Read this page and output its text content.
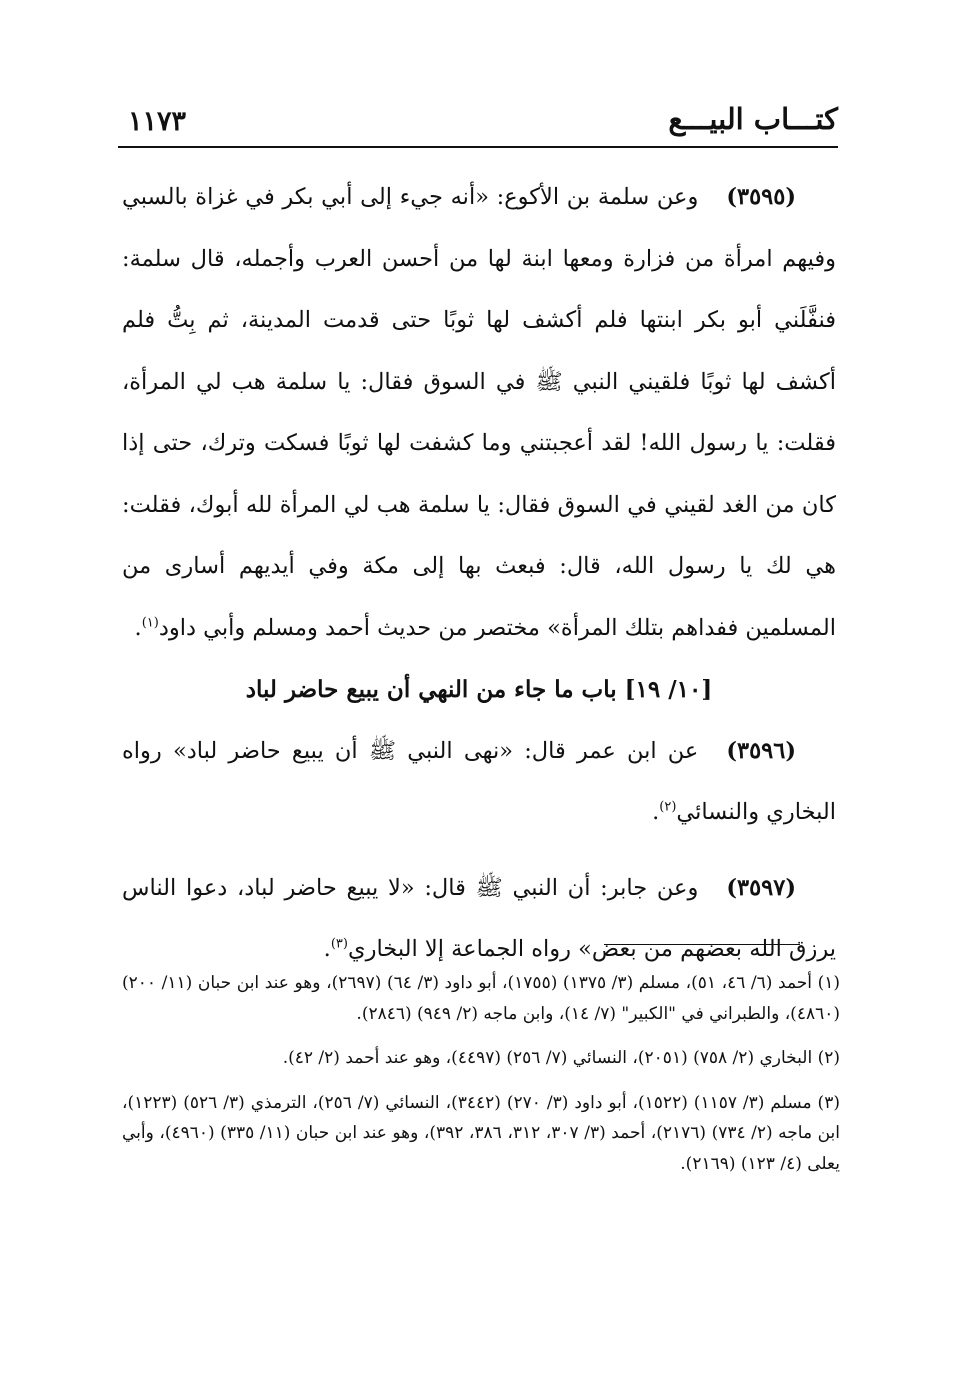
١١٧٣	كتـــاب البيـــع

(٣٥٩٥)وعن سلمة بن الأكوع: «أنه جيء إلى أبي بكر في غزاة بالسبي وفيهم امرأة من فزارة ومعها ابنة لها من أحسن العرب وأجمله، قال سلمة: فنفَّلَني أبو بكر ابنتها فلم أكشف لها ثوبًا حتى قدمت المدينة، ثم بِتُّ فلم أكشف لها ثوبًا فلقيني النبي ﷺ في السوق فقال: يا سلمة هب لي المرأة، فقلت: يا رسول الله! لقد أعجبتني وما كشفت لها ثوبًا فسكت وترك، حتى إذا كان من الغد لقيني في السوق فقال: يا سلمة هب لي المرأة لله أبوك، فقلت: هي لك يا رسول الله، قال: فبعث بها إلى مكة وفي أيديهم أسارى من المسلمين ففداهم بتلك المرأة» مختصر من حديث أحمد ومسلم وأبي داود$^{(١)}$.

[١٠/ ١٩] باب ما جاء من النهي أن يبيع حاضر لباد

(٣٥٩٦)عن ابن عمر قال: «نهى النبي ﷺ أن يبيع حاضر لباد» رواه البخاري والنسائي$^{(٢)}$.

(٣٥٩٧)وعن جابر: أن النبي ﷺ قال: «لا يبيع حاضر لباد، دعوا الناس يرزق الله بعضهم من بعض» رواه الجماعة إلا البخاري$^{(٣)}$.

(١) أحمد (٦/ ٤٦، ٥١)، مسلم (٣/ ١٣٧٥) (١٧٥٥)، أبو داود (٣/ ٦٤) (٢٦٩٧)، وهو عند ابن حبان (١١/ ٢٠٠) (٤٨٦٠)، والطبراني في "الكبير" (٧/ ١٤)، وابن ماجه (٢/ ٩٤٩) (٢٨٤٦).

(٢) البخاري (٢/ ٧٥٨) (٢٠٥١)، النسائي (٧/ ٢٥٦) (٤٤٩٧)، وهو عند أحمد (٢/ ٤٢).

(٣) مسلم (٣/ ١١٥٧) (١٥٢٢)، أبو داود (٣/ ٢٧٠) (٣٤٤٢)، النسائي (٧/ ٢٥٦)، الترمذي (٣/ ٥٢٦) (١٢٢٣)، ابن ماجه (٢/ ٧٣٤) (٢١٧٦)، أحمد (٣/ ٣٠٧، ٣١٢، ٣٨٦، ٣٩٢)، وهو عند ابن حبان (١١/ ٣٣٥) (٤٩٦٠)، وأبي يعلى (٤/ ١٢٣) (٢١٦٩).
